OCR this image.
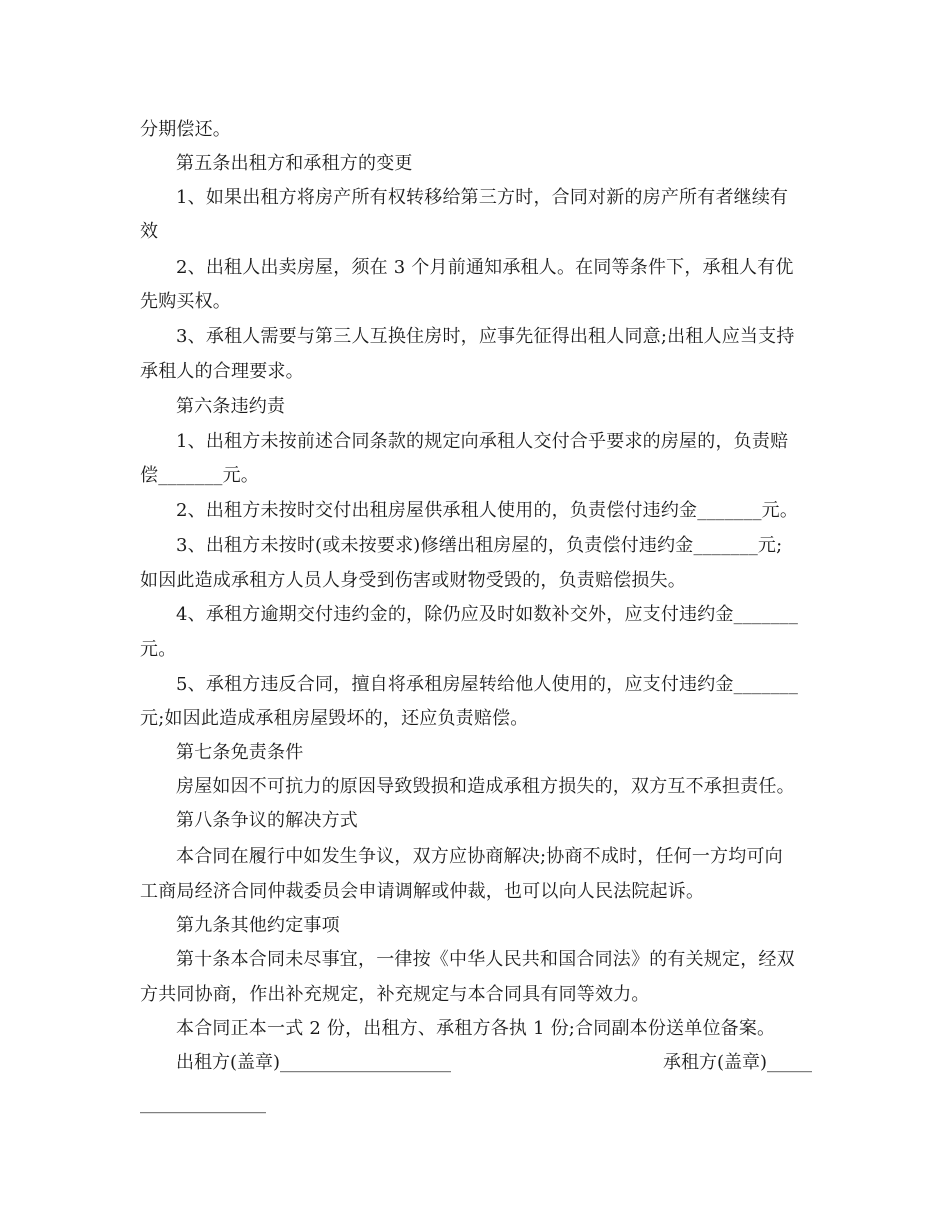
分期偿还。
第五条出租方和承租方的变更
1、如果出租方将房产所有权转移给第三方时，合同对新的房产所有者继续有
效
2、出租人出卖房屋，须在 3 个月前通知承租人。在同等条件下，承租人有优
先购买权。
3、承租人需要与第三人互换住房时，应事先征得出租人同意;出租人应当支持
承租人的合理要求。
第六条违约责
1、出租方未按前述合同条款的规定向承租人交付合乎要求的房屋的，负责赔
偿_______元。
2、出租方未按时交付出租房屋供承租人使用的，负责偿付违约金_______元。
3、出租方未按时(或未按要求)修缮出租房屋的，负责偿付违约金_______元;
如因此造成承租方人员人身受到伤害或财物受毁的，负责赔偿损失。
4、承租方逾期交付违约金的，除仍应及时如数补交外，应支付违约金_______
元。
5、承租方违反合同，擅自将承租房屋转给他人使用的，应支付违约金_______
元;如因此造成承租房屋毁坏的，还应负责赔偿。
第七条免责条件
房屋如因不可抗力的原因导致毁损和造成承租方损失的，双方互不承担责任。
第八条争议的解决方式
本合同在履行中如发生争议，双方应协商解决;协商不成时，任何一方均可向
工商局经济合同仲裁委员会申请调解或仲裁，也可以向人民法院起诉。
第九条其他约定事项
第十条本合同未尽事宜，一律按《中华人民共和国合同法》的有关规定，经双
方共同协商，作出补充规定，补充规定与本合同具有同等效力。
本合同正本一式 2 份，出租方、承租方各执 1 份;合同副本份送单位备案。
出租方(盖章)___________________	承租方(盖章)_____
______________
